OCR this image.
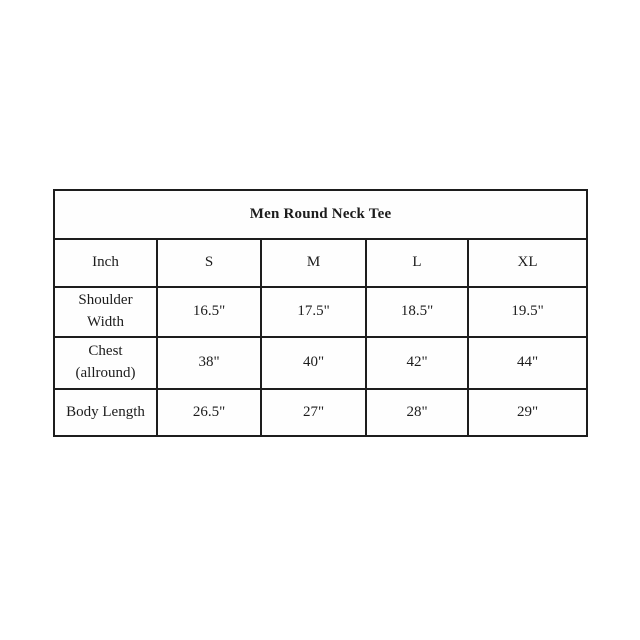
Men Round Neck Tee				
Inch	S	M	L	XL
Shoulder Width	16.5"	17.5"	18.5"	19.5"
Chest (allround)	38"	40"	42"	44"
Body Length	26.5"	27"	28"	29"
